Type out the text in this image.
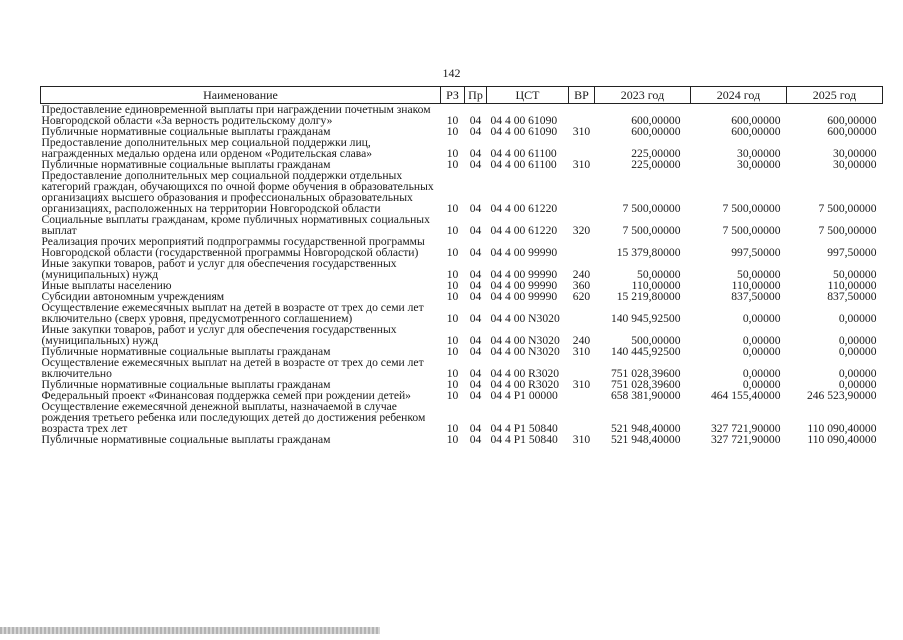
142
Наименование	РЗ	Пр	ЦСТ	ВР	2023 год	2024 год	2025 год
Предоставление единовременной выплаты при награждении почетным знаком Новгородской области «За верность родительскому долгу»	10	04	04 4 00 61090		600,00000	600,00000	600,00000
Публичные нормативные социальные выплаты гражданам	10	04	04 4 00 61090	310	600,00000	600,00000	600,00000
Предоставление дополнительных мер социальной поддержки лиц, награжденных медалью ордена или орденом «Родительская слава»	10	04	04 4 00 61100		225,00000	30,00000	30,00000
Публичные нормативные социальные выплаты гражданам	10	04	04 4 00 61100	310	225,00000	30,00000	30,00000
Предоставление дополнительных мер социальной поддержки отдельных категорий граждан, обучающихся по очной форме обучения в образовательных организациях высшего образования и профессиональных образовательных организациях, расположенных на территории Новгородской области	10	04	04 4 00 61220		7 500,00000	7 500,00000	7 500,00000
Социальные выплаты гражданам, кроме публичных нормативных социальных выплат	10	04	04 4 00 61220	320	7 500,00000	7 500,00000	7 500,00000
Реализация прочих мероприятий подпрограммы государственной программы Новгородской области (государственной программы Новгородской области)	10	04	04 4 00 99990		15 379,80000	997,50000	997,50000
Иные закупки товаров, работ и услуг для обеспечения государственных (муниципальных) нужд	10	04	04 4 00 99990	240	50,00000	50,00000	50,00000
Иные выплаты населению	10	04	04 4 00 99990	360	110,00000	110,00000	110,00000
Субсидии автономным учреждениям	10	04	04 4 00 99990	620	15 219,80000	837,50000	837,50000
Осуществление ежемесячных выплат на детей в возрасте от трех до семи лет включительно (сверх уровня, предусмотренного соглашением)	10	04	04 4 00 N3020		140 945,92500	0,00000	0,00000
Иные закупки товаров, работ и услуг для обеспечения государственных (муниципальных) нужд	10	04	04 4 00 N3020	240	500,00000	0,00000	0,00000
Публичные нормативные социальные выплаты гражданам	10	04	04 4 00 N3020	310	140 445,92500	0,00000	0,00000
Осуществление ежемесячных выплат на детей в возрасте от трех до семи лет включительно	10	04	04 4 00 R3020		751 028,39600	0,00000	0,00000
Публичные нормативные социальные выплаты гражданам	10	04	04 4 00 R3020	310	751 028,39600	0,00000	0,00000
Федеральный проект «Финансовая поддержка семей при рождении детей»	10	04	04 4 P1 00000		658 381,90000	464 155,40000	246 523,90000
Осуществление ежемесячной денежной выплаты, назначаемой в случае рождения третьего ребенка или последующих детей до достижения ребенком возраста трех лет	10	04	04 4 P1 50840		521 948,40000	327 721,90000	110 090,40000
Публичные нормативные социальные выплаты гражданам	10	04	04 4 P1 50840	310	521 948,40000	327 721,90000	110 090,40000
